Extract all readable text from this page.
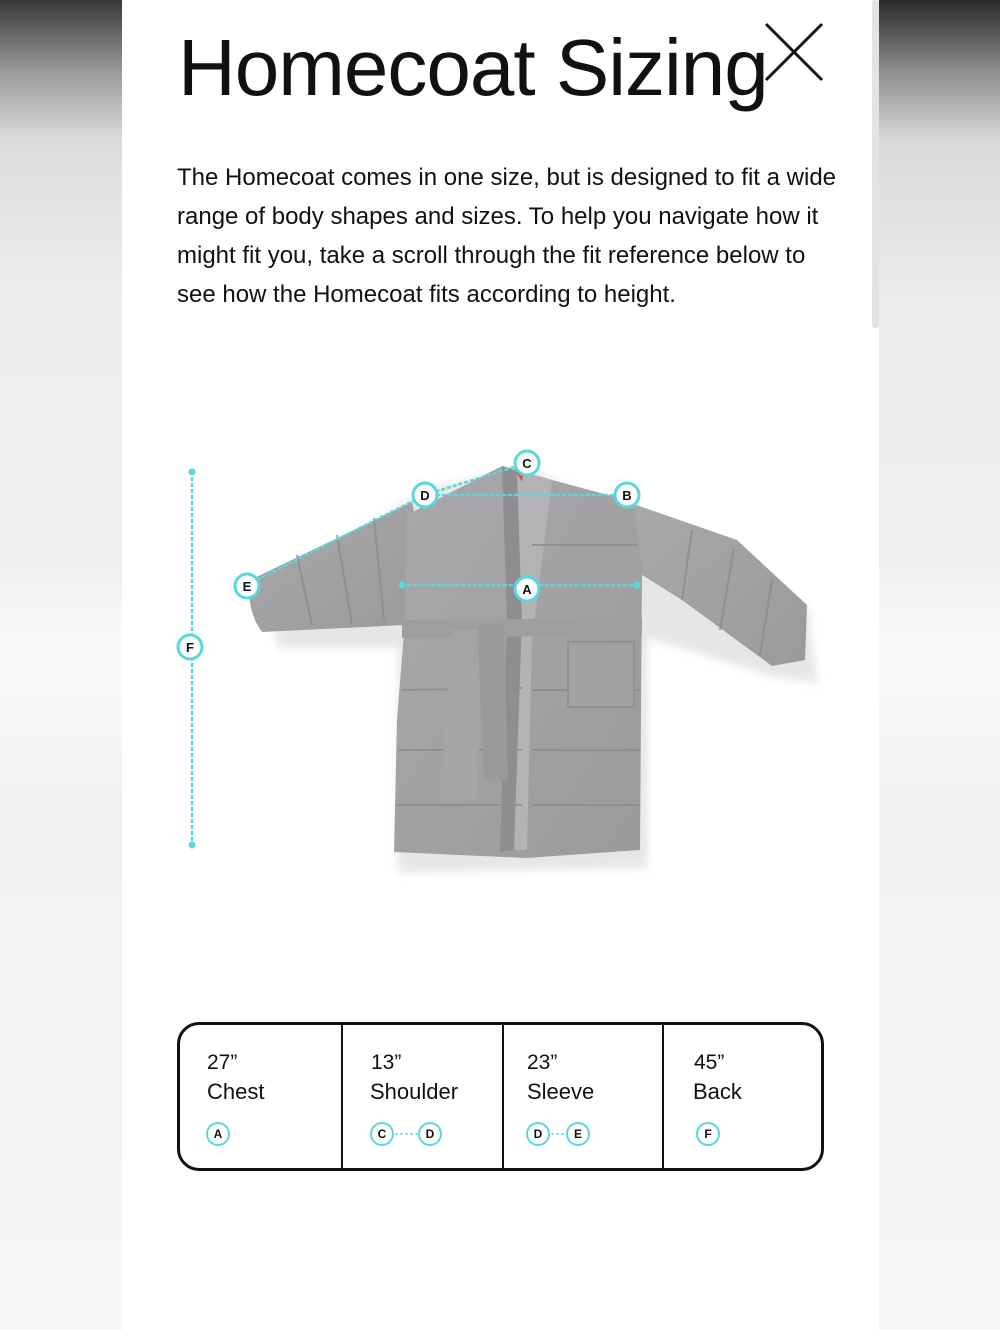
Homecoat Sizing

The Homecoat comes in one size, but is designed to fit a wide range of body shapes and sizes. To help you navigate how it might fit you, take a scroll through the fit reference below to see how the Homecoat fits according to height.

C
D	B
E	A
F
27”
Chest
A
13”
Shoulder
C	D
23”
Sleeve
D	E
45”
Back
F
